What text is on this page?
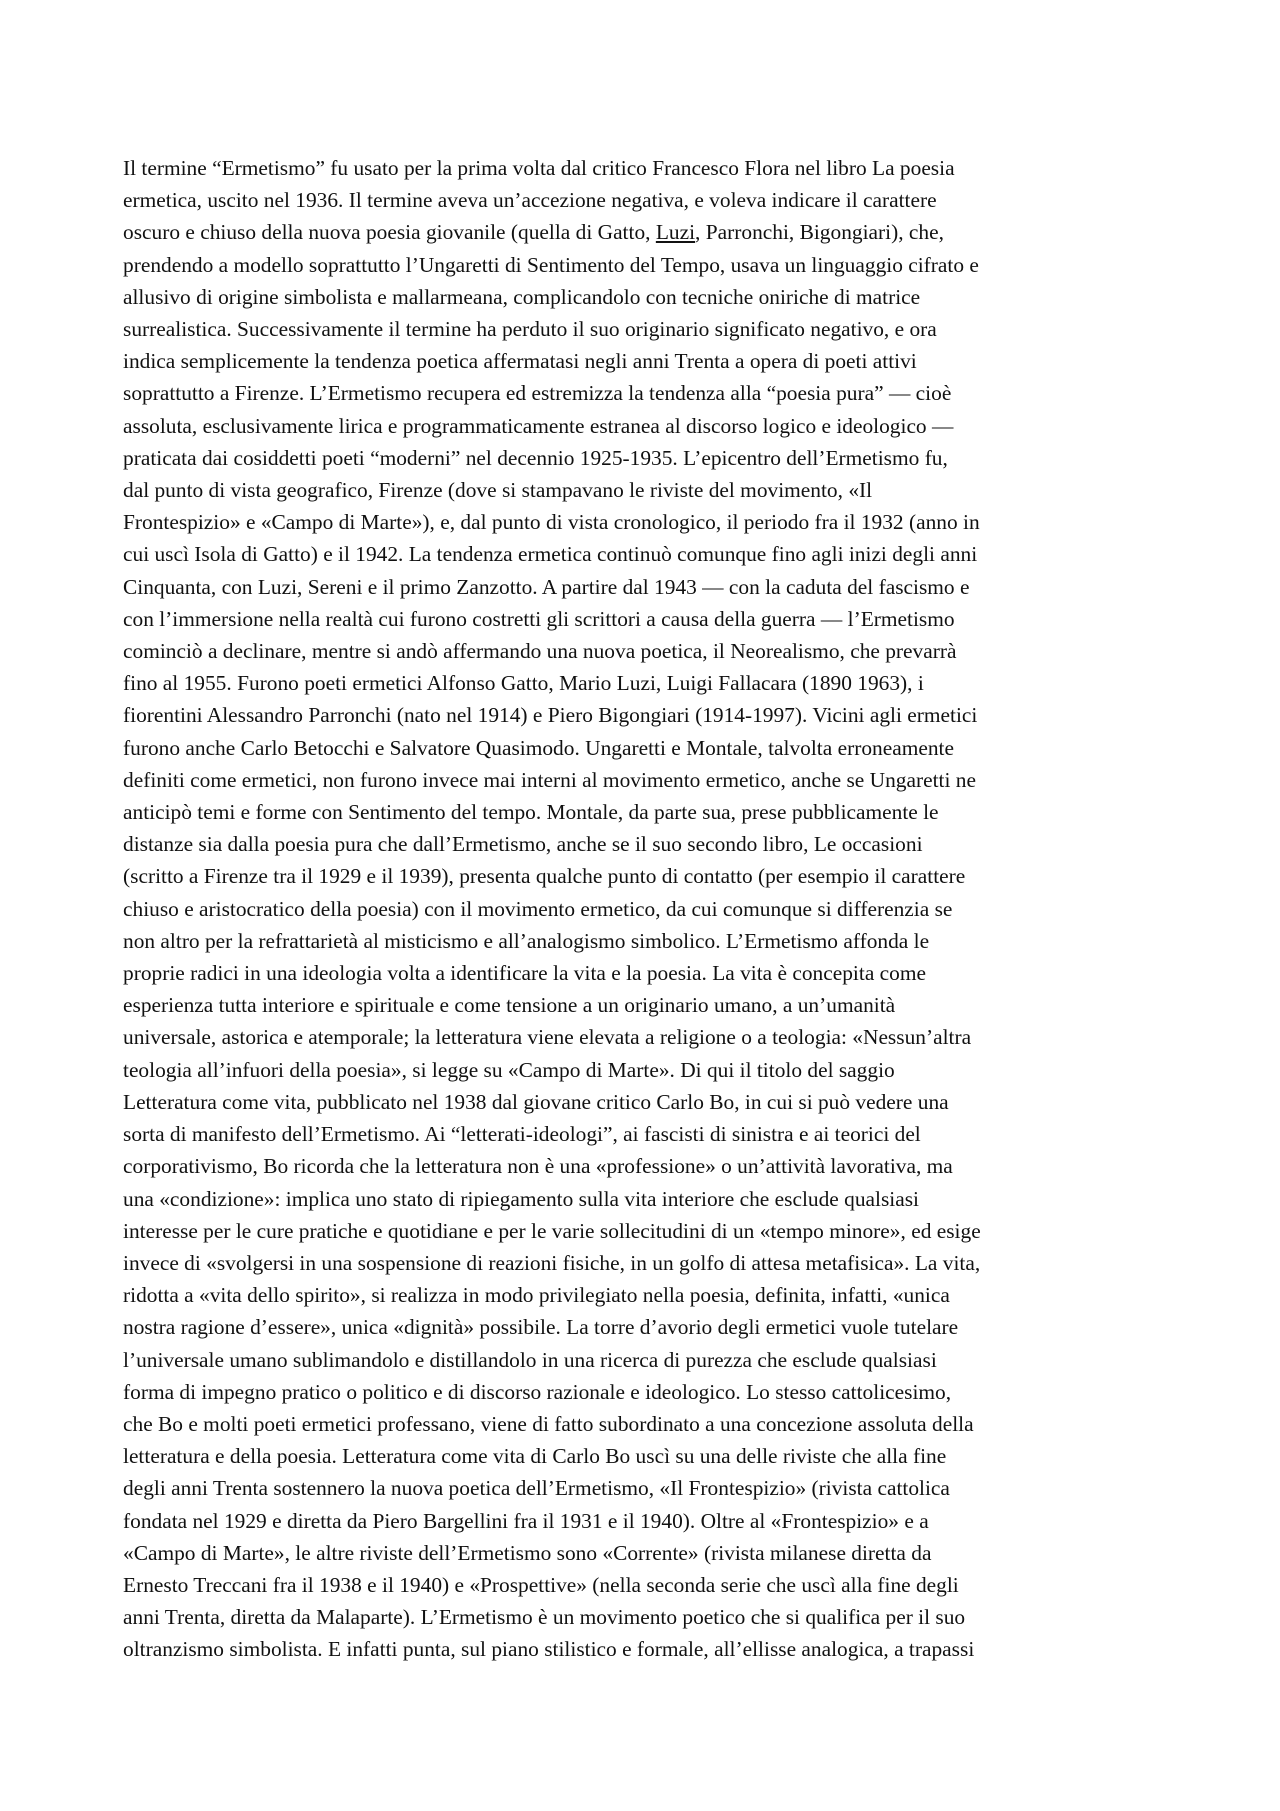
Il termine “Ermetismo” fu usato per la prima volta dal critico Francesco Flora nel libro La poesia
ermetica, uscito nel 1936. Il termine aveva un’accezione negativa, e voleva indicare il carattere
oscuro e chiuso della nuova poesia giovanile (quella di Gatto, Luzi, Parronchi, Bigongiari), che,
prendendo a modello soprattutto l’Ungaretti di Sentimento del Tempo, usava un linguaggio cifrato e
allusivo di origine simbolista e mallarmeana, complicandolo con tecniche oniriche di matrice
surrealistica. Successivamente il termine ha perduto il suo originario significato negativo, e ora
indica semplicemente la tendenza poetica affermatasi negli anni Trenta a opera di poeti attivi
soprattutto a Firenze. L’Ermetismo recupera ed estremizza la tendenza alla “poesia pura” — cioè
assoluta, esclusivamente lirica e programmaticamente estranea al discorso logico e ideologico —
praticata dai cosiddetti poeti “moderni” nel decennio 1925-1935. L’epicentro dell’Ermetismo fu,
dal punto di vista geografico, Firenze (dove si stampavano le riviste del movimento, «Il
Frontespizio» e «Campo di Marte»), e, dal punto di vista cronologico, il periodo fra il 1932 (anno in
cui uscì Isola di Gatto) e il 1942. La tendenza ermetica continuò comunque fino agli inizi degli anni
Cinquanta, con Luzi, Sereni e il primo Zanzotto. A partire dal 1943 — con la caduta del fascismo e
con l’immersione nella realtà cui furono costretti gli scrittori a causa della guerra — l’Ermetismo
cominciò a declinare, mentre si andò affermando una nuova poetica, il Neorealismo, che prevarrà
fino al 1955. Furono poeti ermetici Alfonso Gatto, Mario Luzi, Luigi Fallacara (1890 1963), i
fiorentini Alessandro Parronchi (nato nel 1914) e Piero Bigongiari (1914-1997). Vicini agli ermetici
furono anche Carlo Betocchi e Salvatore Quasimodo. Ungaretti e Montale, talvolta erroneamente
definiti come ermetici, non furono invece mai interni al movimento ermetico, anche se Ungaretti ne
anticipò temi e forme con Sentimento del tempo. Montale, da parte sua, prese pubblicamente le
distanze sia dalla poesia pura che dall’Ermetismo, anche se il suo secondo libro, Le occasioni
(scritto a Firenze tra il 1929 e il 1939), presenta qualche punto di contatto (per esempio il carattere
chiuso e aristocratico della poesia) con il movimento ermetico, da cui comunque si differenzia se
non altro per la refrattarietà al misticismo e all’analogismo simbolico. L’Ermetismo affonda le
proprie radici in una ideologia volta a identificare la vita e la poesia. La vita è concepita come
esperienza tutta interiore e spirituale e come tensione a un originario umano, a un’umanità
universale, astorica e atemporale; la letteratura viene elevata a religione o a teologia: «Nessun’altra
teologia all’infuori della poesia», si legge su «Campo di Marte». Di qui il titolo del saggio
Letteratura come vita, pubblicato nel 1938 dal giovane critico Carlo Bo, in cui si può vedere una
sorta di manifesto dell’Ermetismo. Ai “letterati-ideologi”, ai fascisti di sinistra e ai teorici del
corporativismo, Bo ricorda che la letteratura non è una «professione» o un’attività lavorativa, ma
una «condizione»: implica uno stato di ripiegamento sulla vita interiore che esclude qualsiasi
interesse per le cure pratiche e quotidiane e per le varie sollecitudini di un «tempo minore», ed esige
invece di «svolgersi in una sospensione di reazioni fisiche, in un golfo di attesa metafisica». La vita,
ridotta a «vita dello spirito», si realizza in modo privilegiato nella poesia, definita, infatti, «unica
nostra ragione d’essere», unica «dignità» possibile. La torre d’avorio degli ermetici vuole tutelare
l’universale umano sublimandolo e distillandolo in una ricerca di purezza che esclude qualsiasi
forma di impegno pratico o politico e di discorso razionale e ideologico. Lo stesso cattolicesimo,
che Bo e molti poeti ermetici professano, viene di fatto subordinato a una concezione assoluta della
letteratura e della poesia. Letteratura come vita di Carlo Bo uscì su una delle riviste che alla fine
degli anni Trenta sostennero la nuova poetica dell’Ermetismo, «Il Frontespizio» (rivista cattolica
fondata nel 1929 e diretta da Piero Bargellini fra il 1931 e il 1940). Oltre al «Frontespizio» e a
«Campo di Marte», le altre riviste dell’Ermetismo sono «Corrente» (rivista milanese diretta da
Ernesto Treccani fra il 1938 e il 1940) e «Prospettive» (nella seconda serie che uscì alla fine degli
anni Trenta, diretta da Malaparte). L’Ermetismo è un movimento poetico che si qualifica per il suo
oltranzismo simbolista. E infatti punta, sul piano stilistico e formale, all’ellisse analogica, a trapassi
